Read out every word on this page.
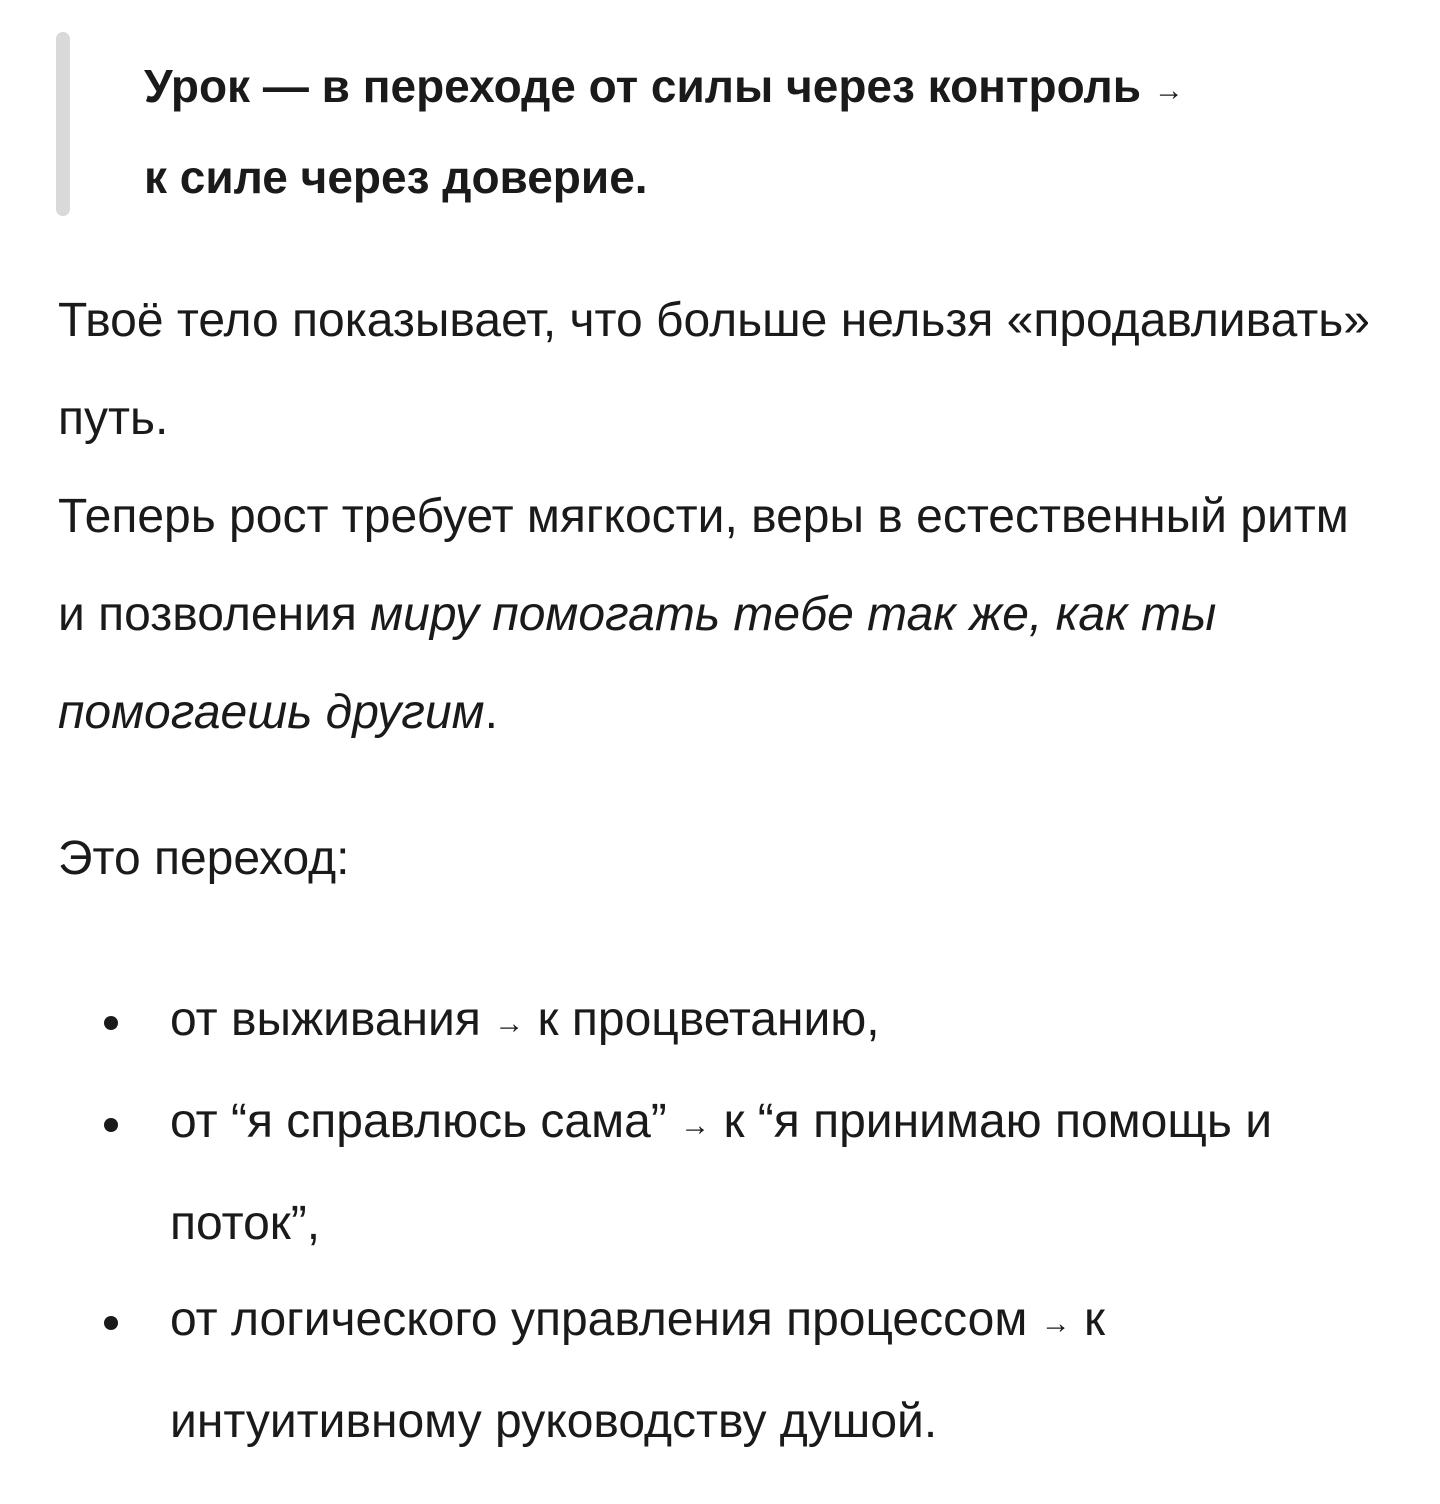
Урок — в переходе от силы через контроль →
к силе через доверие.
Твоё тело показывает, что больше нельзя «продавливать» путь.
Теперь рост требует мягкости, веры в естественный ритм и позволения миру помогать тебе так же, как ты помогаешь другим.
Это переход:
от выживания → к процветанию,
от “я справлюсь сама” → к “я принимаю помощь и поток”,
от логического управления процессом → к интуитивному руководству душой.
